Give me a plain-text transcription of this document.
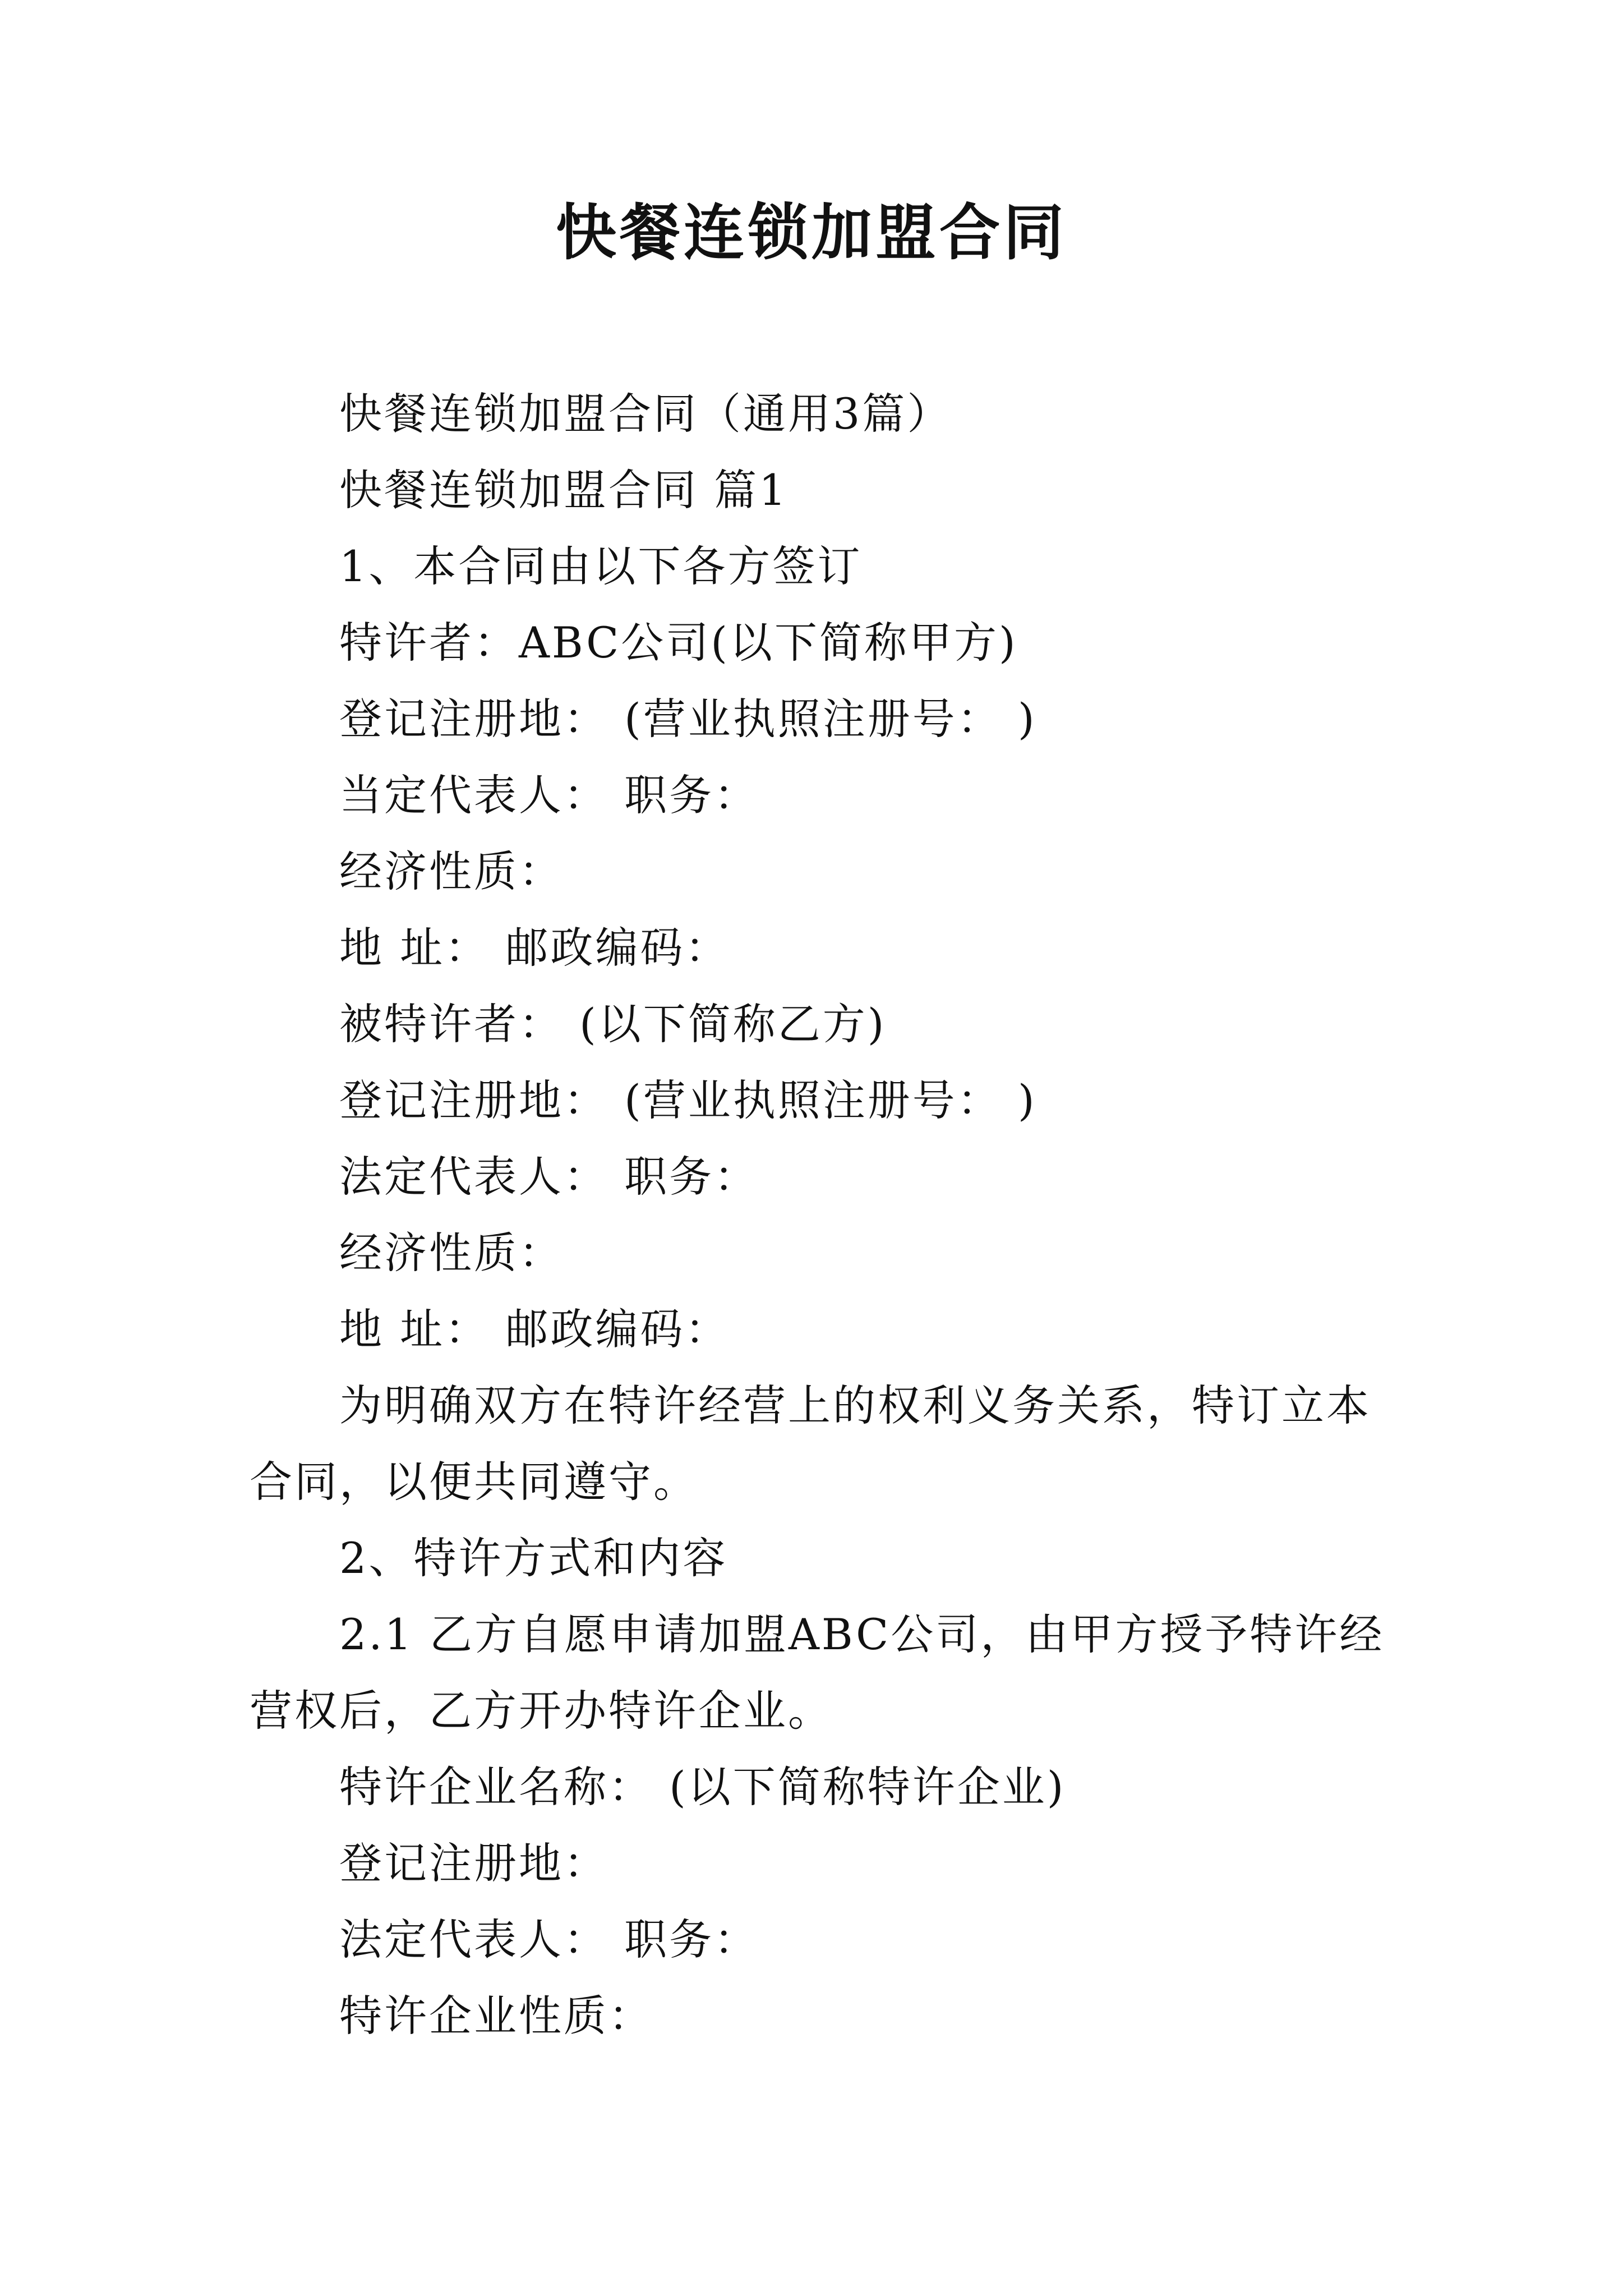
快餐连锁加盟合同

快餐连锁加盟合同（通用3篇）

快餐连锁加盟合同 篇1

1、本合同由以下各方签订

特许者：ABC公司(以下简称甲方)

登记注册地： (营业执照注册号： )

当定代表人： 职务：

经济性质：

地 址： 邮政编码：

被特许者： (以下简称乙方)

登记注册地： (营业执照注册号： )

法定代表人： 职务：

经济性质：

地 址： 邮政编码：

为明确双方在特许经营上的权利义务关系，特订立本合同，以便共同遵守。

2、特许方式和内容

2.1 乙方自愿申请加盟ABC公司，由甲方授予特许经营权后，乙方开办特许企业。

特许企业名称： (以下简称特许企业)

登记注册地：

法定代表人： 职务：

特许企业性质：
